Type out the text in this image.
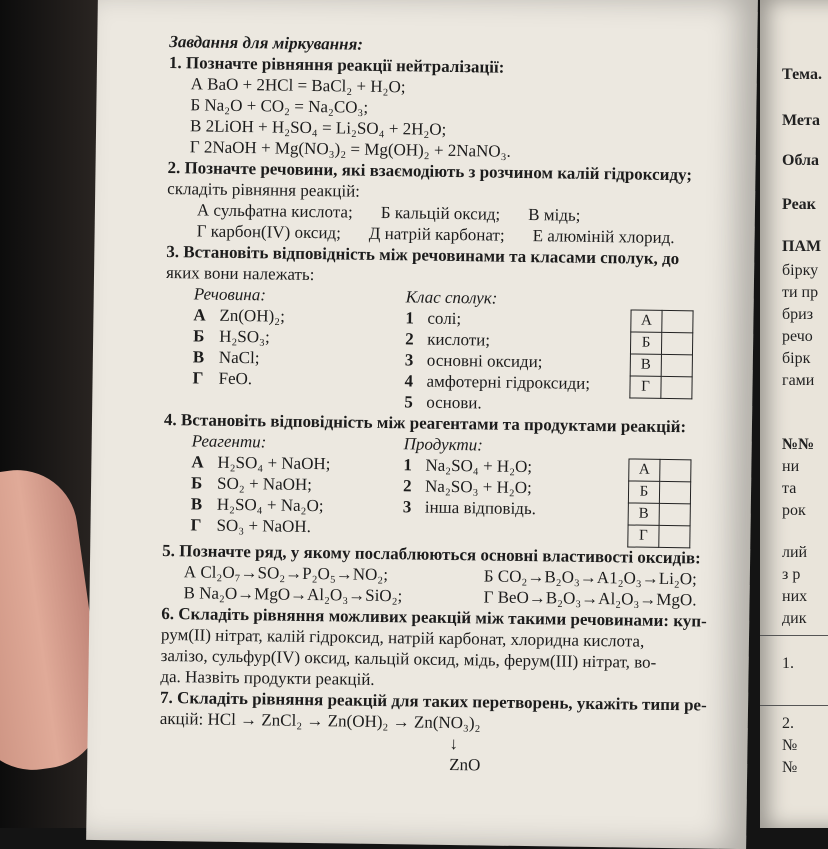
Завдання для міркування:
1. Позначте рівняння реакції нейтралізації:
А BaO + 2HCl = BaCl₂ + H₂O;
Б Na₂O + CO₂ = Na₂CO₃;
В 2LiOH + H₂SO₄ = Li₂SO₄ + 2H₂O;
Г 2NaOH + Mg(NO₃)₂ = Mg(OH)₂ + 2NaNO₃.
2. Позначте речовини, які взаємодіють з розчином калій гідроксиду;
складіть рівняння реакцій:
А сульфатна кислота; Б кальцій оксид; В мідь;
Г карбон(IV) оксид; Д натрій карбонат; Е алюміній хлорид.
3. Встановіть відповідність між речовинами та класами сполук, до
яких вони належать:
Речовина:
А Zn(OH)₂;
Б H₂SO₃;
В NaCl;
Г FeO.
Клас сполук:
1 солі;
2 кислоти;
3 основні оксиди;
4 амфотерні гідроксиди;
5 основи.
А	
Б	
В	
Г	
4. Встановіть відповідність між реагентами та продуктами реакцій:
Реагенти:
А H₂SO₄ + NaOH;
Б SO₂ + NaOH;
В H₂SO₄ + Na₂O;
Г SO₃ + NaOH.
Продукти:
1 Na₂SO₄ + H₂O;
2 Na₂SO₃ + H₂O;
3 інша відповідь.
А	
Б	
В	
Г	
5. Позначте ряд, у якому послаблюються основні властивості оксидів:
А Cl₂O₇→SO₂→P₂O₅→NO₂;	Б CO₂→B₂O₃→A1₂O₃→Li₂O;
В Na₂O→MgO→Al₂O₃→SiO₂;	Г BeO→B₂O₃→Al₂O₃→MgO.
6. Складіть рівняння можливих реакцій між такими речовинами: куп-
рум(II) нітрат, калій гідроксид, натрій карбонат, хлоридна кислота,
залізо, сульфур(IV) оксид, кальцій оксид, мідь, ферум(III) нітрат, во-
да. Назвіть продукти реакцій.
7. Складіть рівняння реакцій для таких перетворень, укажіть типи ре-
акцій: HCl → ZnCl₂ → Zn(OH)₂ → Zn(NO₃)₂
↓
ZnO
Тема.
Мета
Обла
Реак
ПАМ
бірку
ти пр
бриз
речо
бірк
гами
№№
ни
та
рок
лий
з р
них
дик
1.
2.
№
№
